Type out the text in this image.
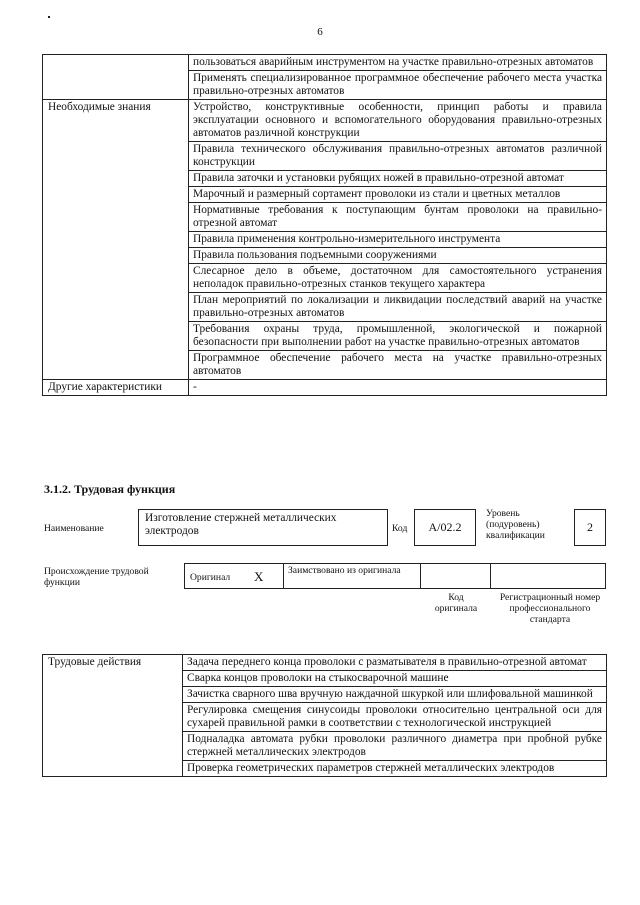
6
	пользоваться аварийным инструментом на участке правильно-отрезных автоматов
	Применять специализированное программное обеспечение рабочего места участка правильно-отрезных автоматов
Необходимые знания	Устройство, конструктивные особенности, принцип работы и правила эксплуатации основного и вспомогательного оборудования правильно-отрезных автоматов различной конструкции
	Правила технического обслуживания правильно-отрезных автоматов различной конструкции
	Правила заточки и установки рубящих ножей в правильно-отрезной автомат
	Марочный и размерный сортамент проволоки из стали и цветных металлов
	Нормативные требования к поступающим бунтам проволоки на правильно-отрезной автомат
	Правила применения контрольно-измерительного инструмента
	Правила пользования подъемными сооружениями
	Слесарное дело в объеме, достаточном для самостоятельного устранения неполадок правильно-отрезных станков текущего характера
	План мероприятий по локализации и ликвидации последствий аварий на участке правильно-отрезных автоматов
	Требования охраны труда, промышленной, экологической и пожарной безопасности при выполнении работ на участке правильно-отрезных автоматов
	Программное обеспечение рабочего места на участке правильно-отрезных автоматов
Другие характеристики	-
3.1.2. Трудовая функция
Наименование
Изготовление стержней металлических электродов	Код А/02.2
Уровень (подуровень) квалификации
2
Происхождение трудовой функции	Оригинал X	Заимствовано из оригинала
Код оригинала
Регистрационный номер профессионального стандарта
Трудовые действия	Задача переднего конца проволоки с разматывателя в правильно-отрезной автомат
Сварка концов проволоки на стыкосварочной машине
Зачистка сварного шва вручную наждачной шкуркой или шлифовальной машинкой
Регулировка смещения синусоиды проволоки относительно центральной оси для сухарей правильной рамки в соответствии с технологической инструкцией
Подналадка автомата рубки проволоки различного диаметра при пробной рубке стержней металлических электродов
Проверка геометрических параметров стержней металлических электродов
